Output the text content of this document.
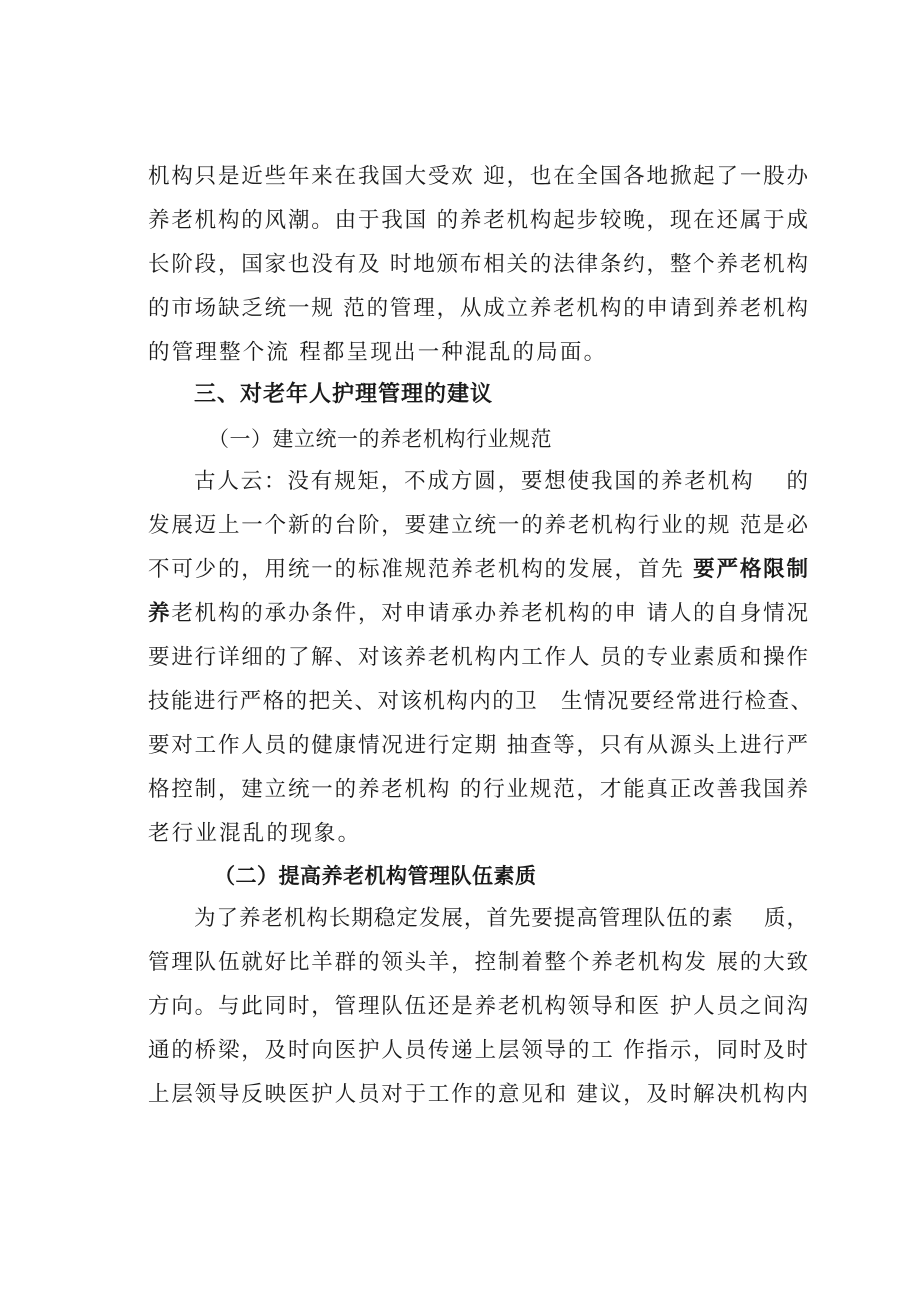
机构只是近些年来在我国大受欢 迎，也在全国各地掀起了一股办
养老机构的风潮。由于我国 的养老机构起步较晚，现在还属于成
长阶段，国家也没有及 时地颁布相关的法律条约，整个养老机构
的市场缺乏统一规 范的管理，从成立养老机构的申请到养老机构
的管理整个流 程都呈现出一种混乱的局面。
三、对老年人护理管理的建议
（一）建立统一的养老机构行业规范
古人云：没有规矩，不成方圆，要想使我国的养老机构　 的
发展迈上一个新的台阶，要建立统一的养老机构行业的规 范是必
不可少的，用统一的标准规范养老机构的发展，首先 要严格限制
养老机构的承办条件，对申请承办养老机构的申 请人的自身情况
要进行详细的了解、对该养老机构内工作人 员的专业素质和操作
技能进行严格的把关、对该机构内的卫　生情况要经常进行检查、
要对工作人员的健康情况进行定期 抽查等，只有从源头上进行严
格控制，建立统一的养老机构 的行业规范，才能真正改善我国养
老行业混乱的现象。
（二）提高养老机构管理队伍素质
为了养老机构长期稳定发展，首先要提高管理队伍的素　 质，
管理队伍就好比羊群的领头羊，控制着整个养老机构发 展的大致
方向。与此同时，管理队伍还是养老机构领导和医 护人员之间沟
通的桥梁，及时向医护人员传递上层领导的工 作指示，同时及时
上层领导反映医护人员对于工作的意见和 建议，及时解决机构内
